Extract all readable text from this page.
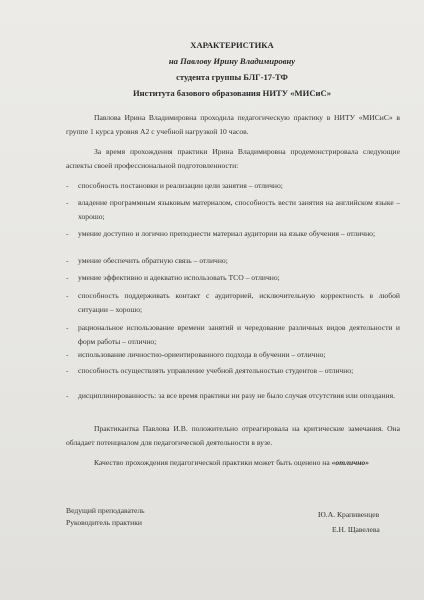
ХАРАКТЕРИСТИКА
на Павлову Ирину Владимировну
студента группы БЛГ-17-ТФ
Института базового образования НИТУ «МИСиС»
Павлова Ирина Владимировна проходила педагогическую практику в НИТУ «МИСиС» в группе 1 курса уровня А2 с учебной нагрузкой 10 часов.
За время прохождения практики Ирина Владимировна продемонстрировала следующие аспекты своей профессиональной подготовленности:
- способность постановки и реализации цели занятия – отлично;
- владение программным языковым материалом, способность вести занятия на английском языке – хорошо;
- умение доступно и логично преподнести материал аудитории на языке обучения – отлично;
- умение обеспечить обратную связь – отлично;
- умение эффективно и адекватно использовать ТСО – отлично;
- способность поддерживать контакт с аудиторией, исключительную корректность в любой ситуации – хорошо;
- рациональное использование времени занятий и чередование различных видов деятельности и форм работы – отлично;
- использование личностно-ориентированного подхода в обучении – отлично;
- способность осуществлять управление учебной деятельностью студентов – отлично;
- дисциплинированность: за все время практики ни разу не было случая отсутствия или опоздания.
Практикантка Павлова И.В. положительно отреагировала на критические замечания. Она обладает потенциалом для педагогической деятельности в вузе.
Качество прохождения педагогической практики может быть оценено на «отлично»
Ведущий преподаватель
Руководитель практики
Ю.А. Крапивенцев
Е.Н. Щавелева
